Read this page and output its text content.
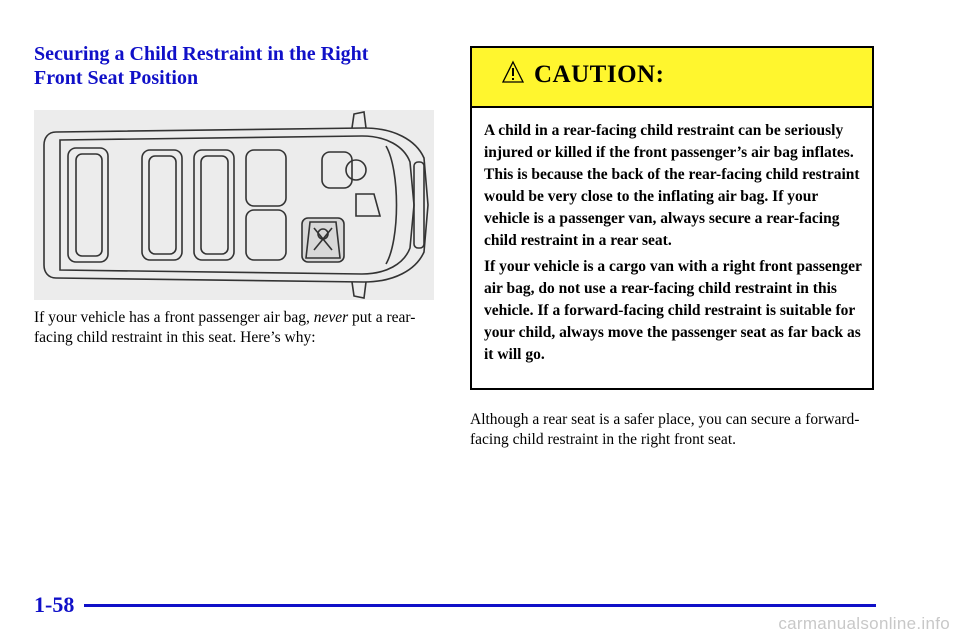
Securing a Child Restraint in the Right
Front Seat Position
If your vehicle has a front passenger air bag, never put a rear-facing child restraint in this seat. Here’s why:
CAUTION:

A child in a rear-facing child restraint can be seriously injured or killed if the front passenger’s air bag inflates. This is because the back of the rear-facing child restraint would be very close to the inflating air bag. If your vehicle is a passenger van, always secure a rear-facing child restraint in a rear seat.

If your vehicle is a cargo van with a right front passenger air bag, do not use a rear-facing child restraint in this vehicle. If a forward-facing child restraint is suitable for your child, always move the passenger seat as far back as it will go.

Although a rear seat is a safer place, you can secure a forward-facing child restraint in the right front seat.
1-58
carmanualsonline.info
